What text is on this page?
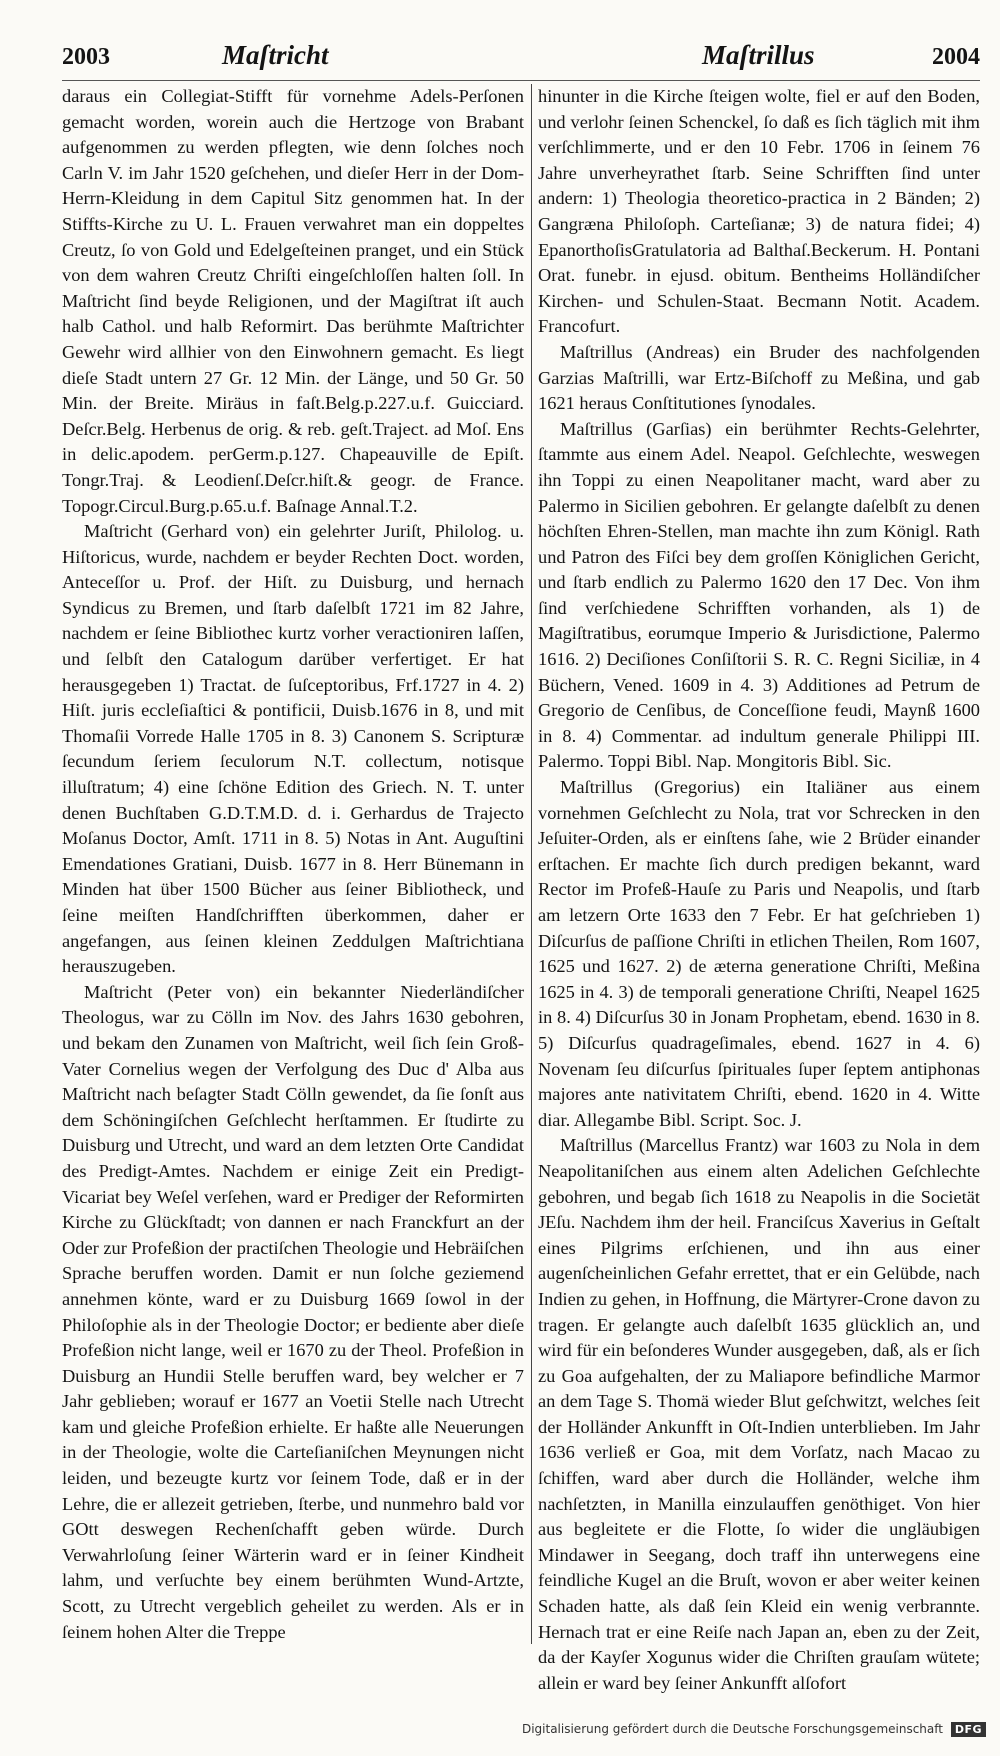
2003	Maſtricht	Maſtrillus	2004

daraus ein Collegiat-Stifft für vornehme Adels-Perſonen gemacht worden, worein auch die Hertzoge von Brabant aufgenommen zu werden pflegten, wie denn ſolches noch Carln V. im Jahr 1520 geſchehen, und dieſer Herr in der Dom-Herrn-Kleidung in dem Capitul Sitz genommen hat. In der Stiffts-Kirche zu U. L. Frauen verwahret man ein doppeltes Creutz, ſo von Gold und Edelgeſteinen pranget, und ein Stück von dem wahren Creutz Chriſti eingeſchloſſen halten ſoll. In Maſtricht ſind beyde Religionen, und der Magiſtrat iſt auch halb Cathol. und halb Reformirt. Das berühmte Maſtrichter Gewehr wird allhier von den Einwohnern gemacht. Es liegt dieſe Stadt untern 27 Gr. 12 Min. der Länge, und 50 Gr. 50 Min. der Breite. Miräus in faſt.Belg.p.227.u.f. Guicciard. Deſcr.Belg. Herbenus de orig. & reb. geſt.Traject. ad Moſ. Ens in delic.apodem. perGerm.p.127. Chapeauville de Epiſt. Tongr.Traj. & Leodienſ.Deſcr.hiſt.& geogr. de France. Topogr.Circul.Burg.p.65.u.f. Baſnage Annal.T.2.

Maſtricht (Gerhard von) ein gelehrter Juriſt, Philolog. u. Hiſtoricus, wurde, nachdem er beyder Rechten Doct. worden, Anteceſſor u. Prof. der Hiſt. zu Duisburg, und hernach Syndicus zu Bremen, und ſtarb daſelbſt 1721 im 82 Jahre, nachdem er ſeine Bibliothec kurtz vorher veractioniren laſſen, und ſelbſt den Catalogum darüber verfertiget. Er hat herausgegeben 1) Tractat. de ſuſceptoribus, Frf.1727 in 4. 2) Hiſt. juris eccleſiaſtici & pontificii, Duisb.1676 in 8, und mit Thomaſii Vorrede Halle 1705 in 8. 3) Canonem S. Scripturæ ſecundum ſeriem ſeculorum N.T. collectum, notisque illuſtratum; 4) eine ſchöne Edition des Griech. N. T. unter denen Buchſtaben G.D.T.M.D. d. i. Gerhardus de Trajecto Moſanus Doctor, Amſt. 1711 in 8. 5) Notas in Ant. Auguſtini Emendationes Gratiani, Duisb. 1677 in 8. Herr Bünemann in Minden hat über 1500 Bücher aus ſeiner Bibliotheck, und ſeine meiſten Handſchrifften überkommen, daher er angefangen, aus ſeinen kleinen Zeddulgen Maſtrichtiana herauszugeben.

Maſtricht (Peter von) ein bekannter Niederländiſcher Theologus, war zu Cölln im Nov. des Jahrs 1630 gebohren, und bekam den Zunamen von Maſtricht, weil ſich ſein Groß-Vater Cornelius wegen der Verfolgung des Duc d' Alba aus Maſtricht nach beſagter Stadt Cölln gewendet, da ſie ſonſt aus dem Schöningiſchen Geſchlecht herſtammen. Er ſtudirte zu Duisburg und Utrecht, und ward an dem letzten Orte Candidat des Predigt-Amtes. Nachdem er einige Zeit ein Predigt-Vicariat bey Weſel verſehen, ward er Prediger der Reformirten Kirche zu Glückſtadt; von dannen er nach Franckfurt an der Oder zur Profeßion der practiſchen Theologie und Hebräiſchen Sprache beruffen worden. Damit er nun ſolche geziemend annehmen könte, ward er zu Duisburg 1669 ſowol in der Philoſophie als in der Theologie Doctor; er bediente aber dieſe Profeßion nicht lange, weil er 1670 zu der Theol. Profeßion in Duisburg an Hundii Stelle beruffen ward, bey welcher er 7 Jahr geblieben; worauf er 1677 an Voetii Stelle nach Utrecht kam und gleiche Profeßion erhielte. Er haßte alle Neuerungen in der Theologie, wolte die Carteſianiſchen Meynungen nicht leiden, und bezeugte kurtz vor ſeinem Tode, daß er in der Lehre, die er allezeit getrieben, ſterbe, und nunmehro bald vor GOtt deswegen Rechenſchafft geben würde. Durch Verwahrloſung ſeiner Wärterin ward er in ſeiner Kindheit lahm, und verſuchte bey einem berühmten Wund-Artzte, Scott, zu Utrecht vergeblich geheilet zu werden. Als er in ſeinem hohen Alter die Treppe

hinunter in die Kirche ſteigen wolte, fiel er auf den Boden, und verlohr ſeinen Schenckel, ſo daß es ſich täglich mit ihm verſchlimmerte, und er den 10 Febr. 1706 in ſeinem 76 Jahre unverheyrathet ſtarb. Seine Schrifften ſind unter andern: 1) Theologia theoretico-practica in 2 Bänden; 2) Gangræna Philoſoph. Carteſianæ; 3) de natura fidei; 4) EpanorthoſisGratulatoria ad Balthaſ.Beckerum. H. Pontani Orat. funebr. in ejusd. obitum. Bentheims Holländiſcher Kirchen- und Schulen-Staat. Becmann Notit. Academ. Francofurt.

Maſtrillus (Andreas) ein Bruder des nachfolgenden Garzias Maſtrilli, war Ertz-Biſchoff zu Meßina, und gab 1621 heraus Conſtitutiones ſynodales.

Maſtrillus (Garſias) ein berühmter Rechts-Gelehrter, ſtammte aus einem Adel. Neapol. Geſchlechte, weswegen ihn Toppi zu einen Neapolitaner macht, ward aber zu Palermo in Sicilien gebohren. Er gelangte daſelbſt zu denen höchſten Ehren-Stellen, man machte ihn zum Königl. Rath und Patron des Fiſci bey dem groſſen Königlichen Gericht, und ſtarb endlich zu Palermo 1620 den 17 Dec. Von ihm ſind verſchiedene Schrifften vorhanden, als 1) de Magiſtratibus, eorumque Imperio & Jurisdictione, Palermo 1616. 2) Deciſiones Conſiſtorii S. R. C. Regni Siciliæ, in 4 Büchern, Vened. 1609 in 4. 3) Additiones ad Petrum de Gregorio de Cenſibus, de Conceſſione feudi, Maynß 1600 in 8. 4) Commentar. ad indultum generale Philippi III. Palermo. Toppi Bibl. Nap. Mongitoris Bibl. Sic.

Maſtrillus (Gregorius) ein Italiäner aus einem vornehmen Geſchlecht zu Nola, trat vor Schrecken in den Jeſuiter-Orden, als er einſtens ſahe, wie 2 Brüder einander erſtachen. Er machte ſich durch predigen bekannt, ward Rector im Profeß-Hauſe zu Paris und Neapolis, und ſtarb am letzern Orte 1633 den 7 Febr. Er hat geſchrieben 1) Diſcurſus de paſſione Chriſti in etlichen Theilen, Rom 1607, 1625 und 1627. 2) de æterna generatione Chriſti, Meßina 1625 in 4. 3) de temporali generatione Chriſti, Neapel 1625 in 8. 4) Diſcurſus 30 in Jonam Prophetam, ebend. 1630 in 8. 5) Diſcurſus quadrageſimales, ebend. 1627 in 4. 6) Novenam ſeu diſcurſus ſpirituales ſuper ſeptem antiphonas majores ante nativitatem Chriſti, ebend. 1620 in 4. Witte diar. Allegambe Bibl. Script. Soc. J.

Maſtrillus (Marcellus Frantz) war 1603 zu Nola in dem Neapolitaniſchen aus einem alten Adelichen Geſchlechte gebohren, und begab ſich 1618 zu Neapolis in die Societät JEſu. Nachdem ihm der heil. Franciſcus Xaverius in Geſtalt eines Pilgrims erſchienen, und ihn aus einer augenſcheinlichen Gefahr errettet, that er ein Gelübde, nach Indien zu gehen, in Hoffnung, die Märtyrer-Crone davon zu tragen. Er gelangte auch daſelbſt 1635 glücklich an, und wird für ein beſonderes Wunder ausgegeben, daß, als er ſich zu Goa aufgehalten, der zu Maliapore befindliche Marmor an dem Tage S. Thomä wieder Blut geſchwitzt, welches ſeit der Holländer Ankunfft in Oſt-Indien unterblieben. Im Jahr 1636 verließ er Goa, mit dem Vorſatz, nach Macao zu ſchiffen, ward aber durch die Holländer, welche ihm nachſetzten, in Manilla einzulauffen genöthiget. Von hier aus begleitete er die Flotte, ſo wider die ungläubigen Mindawer in Seegang, doch traff ihn unterwegens eine feindliche Kugel an die Bruſt, wovon er aber weiter keinen Schaden hatte, als daß ſein Kleid ein wenig verbrannte. Hernach trat er eine Reiſe nach Japan an, eben zu der Zeit, da der Kayſer Xogunus wider die Chriſten grauſam wütete; allein er ward bey ſeiner Ankunfft alſofort

Digitalisierung gefördert durch die Deutsche Forschungsgemeinschaft DFG
